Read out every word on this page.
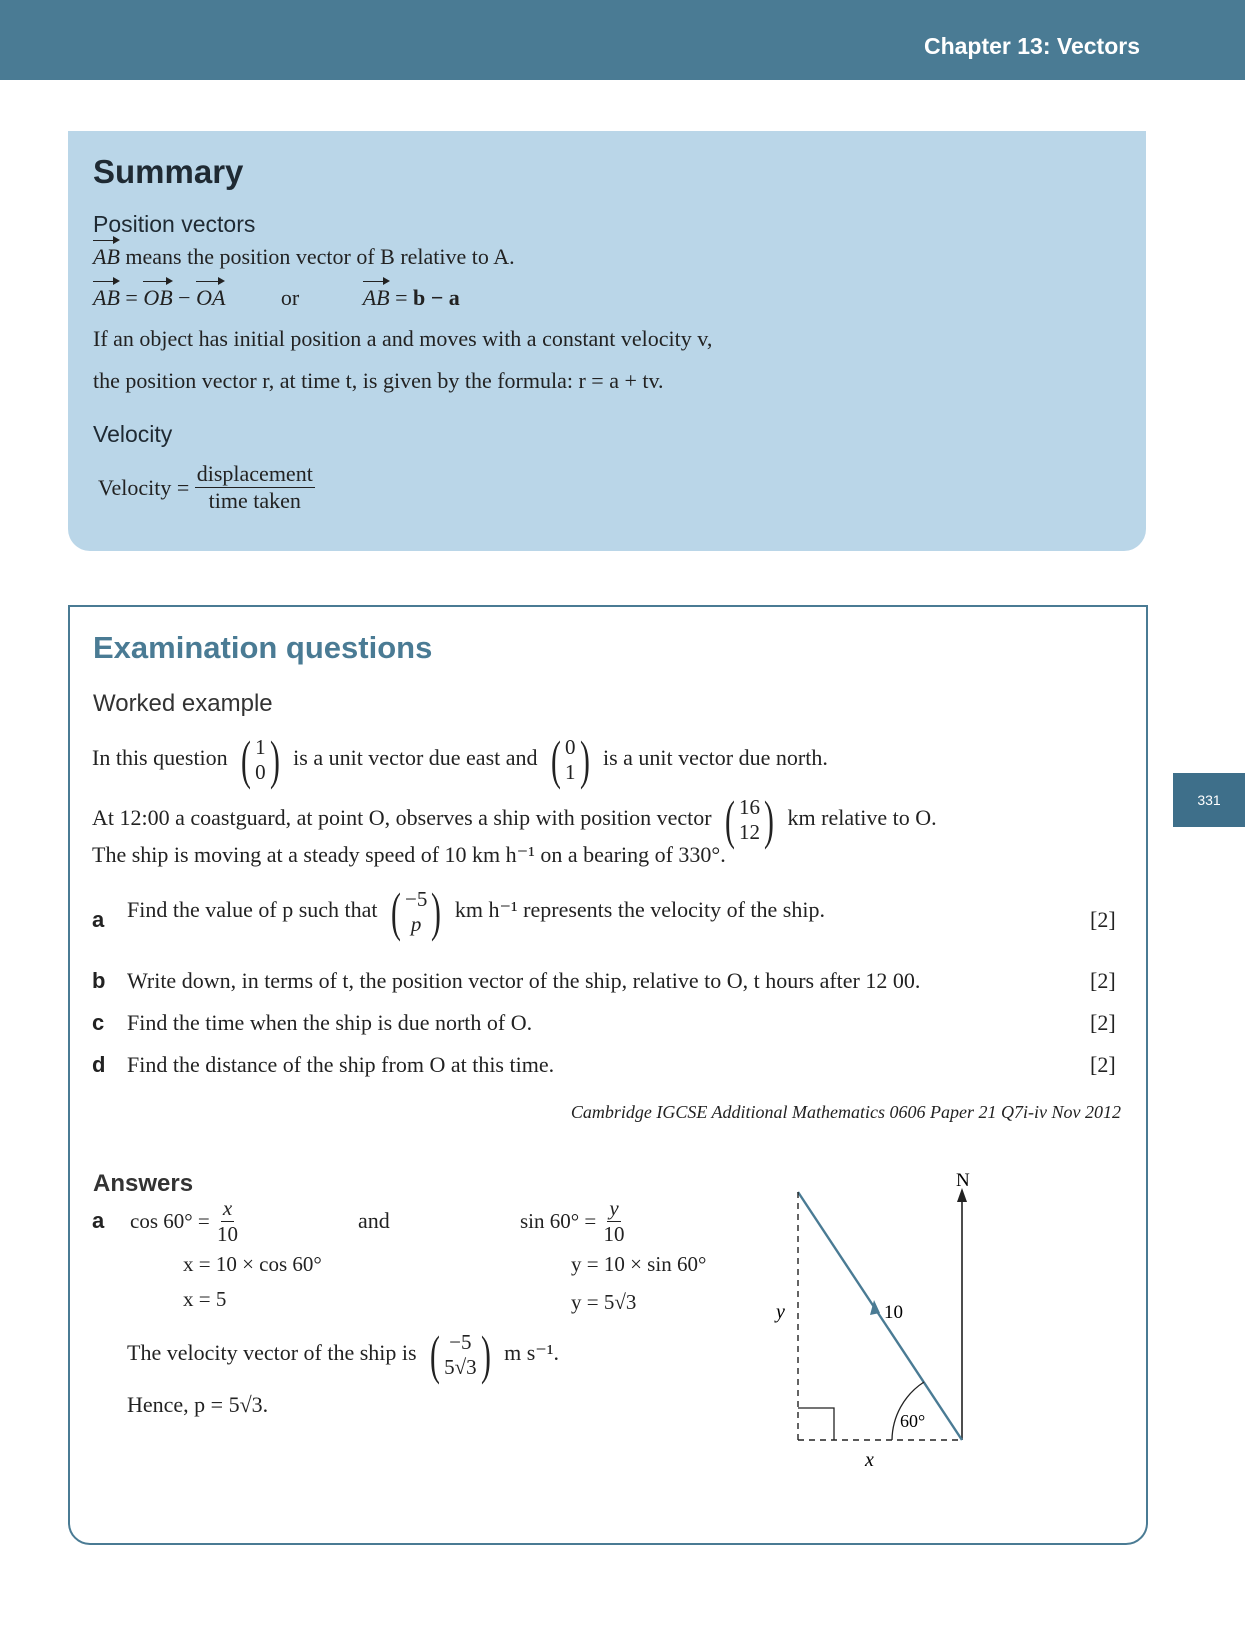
Chapter 13: Vectors
331
Summary
Position vectors
AB means the position vector of B relative to A.
AB = OB − OA	or	AB = b − a
If an object has initial position a and moves with a constant velocity v,
the position vector r, at time t, is given by the formula: r = a + tv.
Velocity
Velocity = $\frac{\text{displacement}}{\text{time taken}}$
Examination questions
Worked example
In this question ( 1
0 ) is a unit vector due east and ( 0
1 ) is a unit vector due north.
At 12:00 a coastguard, at point O, observes a ship with position vector ( 16
12 ) km relative to O.
The ship is moving at a steady speed of 10 km h⁻¹ on a bearing of 330°.
a Find the value of p such that ( −5
p ) km h⁻¹ represents the velocity of the ship.	[2]
b Write down, in terms of t, the position vector of the ship, relative to O, t hours after 12 00.	[2]
c Find the time when the ship is due north of O.	[2]
d Find the distance of the ship from O at this time.	[2]
Cambridge IGCSE Additional Mathematics 0606 Paper 21 Q7i-iv Nov 2012
Answers
a $\cos 60^\circ = \frac{x}{10}$
x = 10 × cos 60°
x = 5
and	$\sin 60^\circ = \frac{y}{10}$
y = 10 × sin 60°
y = 5√3
The velocity vector of the ship is ( −5
5√3 ) m s⁻¹.
Hence, p = 5√3.
N
10
60°
y
x
